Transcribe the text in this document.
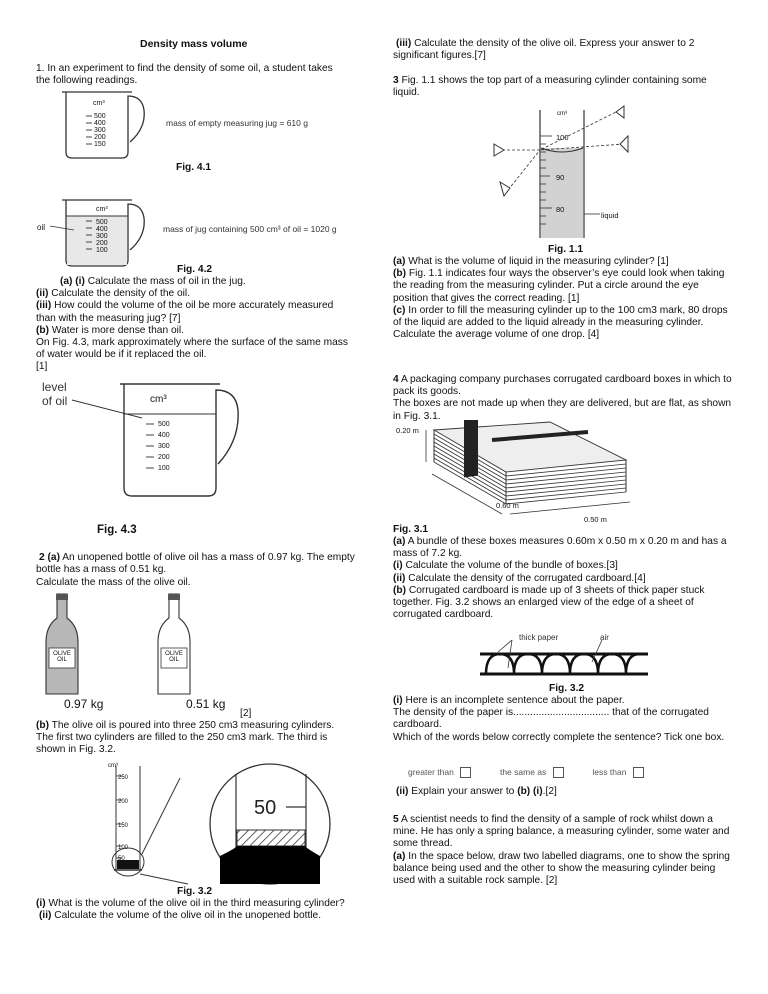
Density mass volume

1. In an experiment to find the density of some oil, a student takes the following readings.

cm³
500
400
300
200
150
mass of empty measuring jug = 610 g
Fig. 4.1
oil
cm³
500
400
300
200
100
mass of jug containing 500 cm³ of oil = 1020 g
Fig. 4.2

(a) (i) Calculate the mass of oil in the jug.

(ii) Calculate the density of the oil.

(iii) How could the volume of the oil be more accurately measured than with the measuring jug? [7]

(b) Water is more dense than oil.

On Fig. 4.3, mark approximately where the surface of the same mass of water would be if it replaced the oil.

[1]

level
of oil	cm³
500
400
300
200
100
Fig. 4.3

2 (a) An unopened bottle of olive oil has a mass of 0.97 kg. The empty bottle has a mass of 0.51 kg.

Calculate the mass of the olive oil.

OLIVE OIL
0.97 kg
OLIVE OIL
0.51 kg
[2]

(b) The olive oil is poured into three 250 cm3 measuring cylinders. The first two cylinders are filled to the 250 cm3 mark. The third is shown in Fig. 3.2.

cm³
250
200
150
100
50
50
Fig. 3.2

(i) What is the volume of the olive oil in the third measuring cylinder?

(ii) Calculate the volume of the olive oil in the unopened bottle.

(iii) Calculate the density of the olive oil. Express your answer to 2 significant figures.[7]

3 Fig. 1.1 shows the top part of a measuring cylinder containing some liquid.

cm³
100
90
80
liquid
Fig. 1.1

(a) What is the volume of liquid in the measuring cylinder? [1]

(b) Fig. 1.1 indicates four ways the observer’s eye could look when taking the reading from the measuring cylinder. Put a circle around the eye position that gives the correct reading. [1]

(c) In order to fill the measuring cylinder up to the 100 cm3 mark, 80 drops of the liquid are added to the liquid already in the measuring cylinder.

Calculate the average volume of one drop. [4]

4 A packaging company purchases corrugated cardboard boxes in which to pack its goods.

The boxes are not made up when they are delivered, but are flat, as shown in Fig. 3.1.

0.20 m
0.60 m
0.50 m
Fig. 3.1

(a) A bundle of these boxes measures 0.60m x 0.50 m x 0.20 m and has a mass of 7.2 kg.

(i) Calculate the volume of the bundle of boxes.[3]

(ii) Calculate the density of the corrugated cardboard.[4]

(b) Corrugated cardboard is made up of 3 sheets of thick paper stuck together. Fig. 3.2 shows an enlarged view of the edge of a sheet of corrugated cardboard.

thick paper	air
Fig. 3.2

(i) Here is an incomplete sentence about the paper.

The density of the paper is.................................. that of the corrugated cardboard.

Which of the words below correctly complete the sentence? Tick one box.

greater than	the same as	less than

(ii) Explain your answer to (b) (i).[2]

5 A scientist needs to find the density of a sample of rock whilst down a mine. He has only a spring balance, a measuring cylinder, some water and some thread.

(a) In the space below, draw two labelled diagrams, one to show the spring balance being used and the other to show the measuring cylinder being used with a suitable rock sample. [2]
